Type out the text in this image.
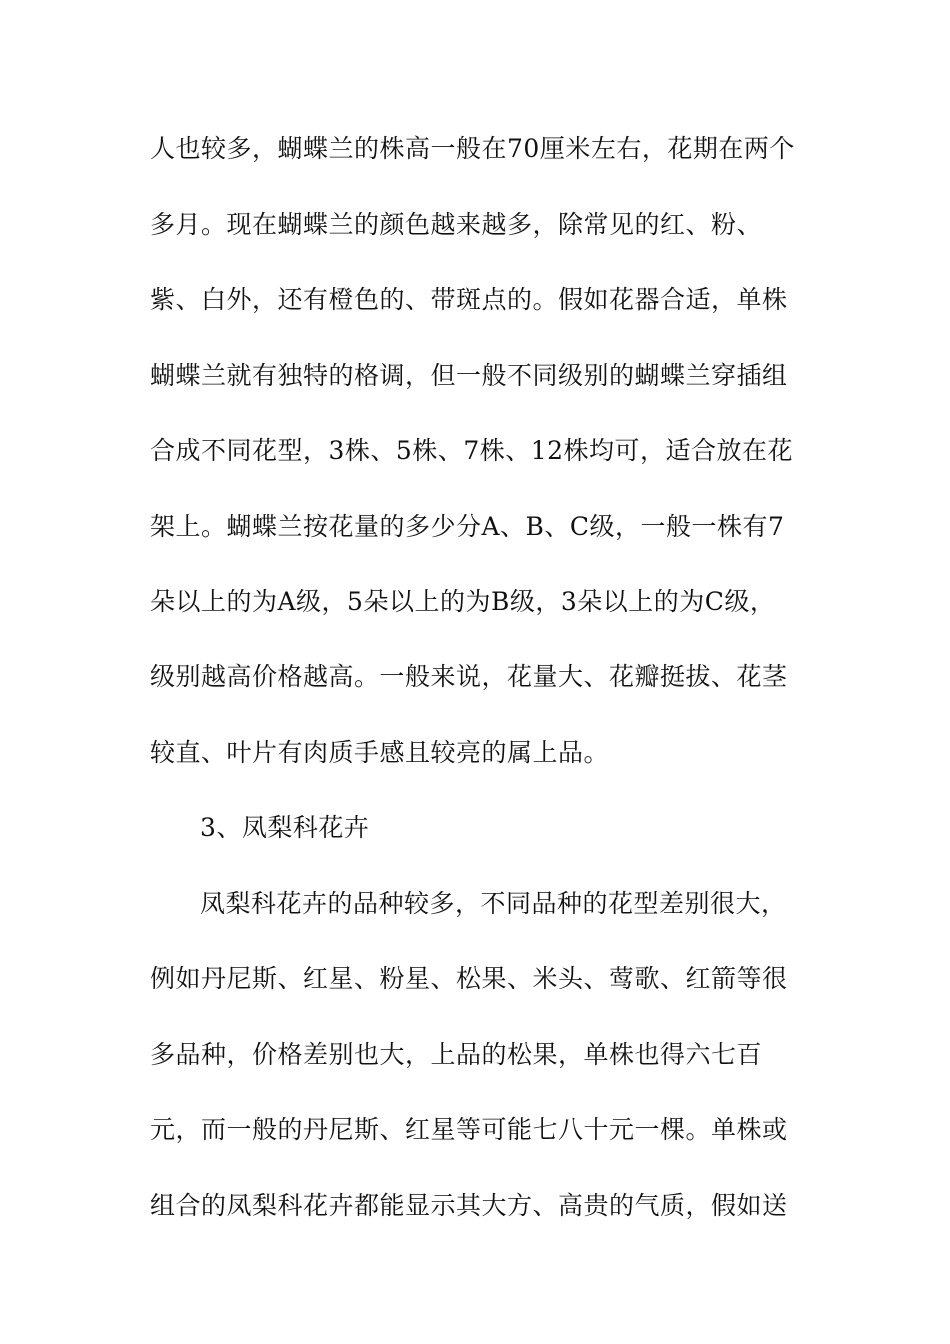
人也较多，蝴蝶兰的株高一般在70厘米左右，花期在两个
多月。现在蝴蝶兰的颜色越来越多，除常见的红、粉、
紫、白外，还有橙色的、带斑点的。假如花器合适，单株
蝴蝶兰就有独特的格调，但一般不同级别的蝴蝶兰穿插组
合成不同花型，3株、5株、7株、12株均可，适合放在花
架上。蝴蝶兰按花量的多少分A、B、C级，一般一株有7
朵以上的为A级，5朵以上的为B级，3朵以上的为C级，
级别越高价格越高。一般来说，花量大、花瓣挺拔、花茎
较直、叶片有肉质手感且较亮的属上品。
3、凤梨科花卉
凤梨科花卉的品种较多，不同品种的花型差别很大，
例如丹尼斯、红星、粉星、松果、米头、莺歌、红箭等很
多品种，价格差别也大，上品的松果，单株也得六七百
元，而一般的丹尼斯、红星等可能七八十元一棵。单株或
组合的凤梨科花卉都能显示其大方、高贵的气质，假如送
